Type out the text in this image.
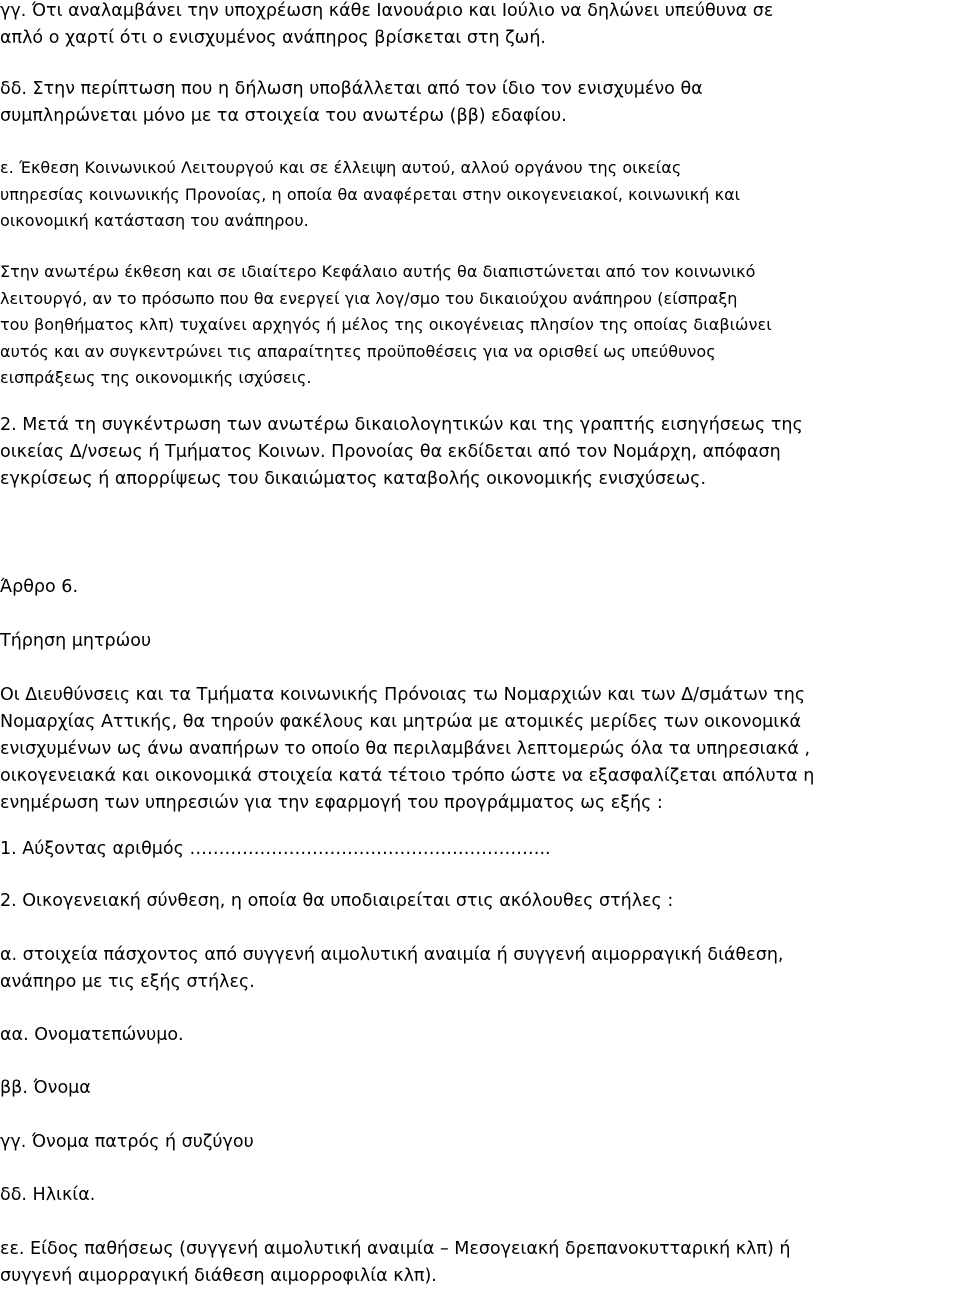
γγ. Ότι αναλαμβάνει την υποχρέωση κάθε Ιανουάριο και Ιούλιο να δηλώνει υπεύθυνα σε
απλό ο χαρτί ότι ο ενισχυμένος ανάπηρος βρίσκεται στη ζωή.

δδ. Στην περίπτωση που η δήλωση υποβάλλεται από τον ίδιο τον ενισχυμένο θα
συμπληρώνεται μόνο με τα στοιχεία του ανωτέρω (ββ) εδαφίου.

ε. Έκθεση Κοινωνικού Λειτουργού και σε έλλειψη αυτού, αλλού οργάνου της οικείας
υπηρεσίας κοινωνικής Προνοίας, η οποία θα αναφέρεται στην οικογενειακοί, κοινωνική και
οικονομική κατάσταση του ανάπηρου.

Στην ανωτέρω έκθεση και σε ιδιαίτερο Κεφάλαιο αυτής θα διαπιστώνεται από τον κοινωνικό
λειτουργό, αν το πρόσωπο που θα ενεργεί για λογ/σμο του δικαιούχου ανάπηρου (είσπραξη
του βοηθήματος κλπ) τυχαίνει αρχηγός ή μέλος της οικογένειας πλησίον της οποίας διαβιώνει
αυτός και αν συγκεντρώνει τις απαραίτητες προϋποθέσεις για να ορισθεί ως υπεύθυνος
εισπράξεως της οικονομικής ισχύσεις.

2. Μετά τη συγκέντρωση των ανωτέρω δικαιολογητικών και της γραπτής εισηγήσεως της
οικείας Δ/νσεως ή Τμήματος Κοινων. Προνοίας θα εκδίδεται από τον Νομάρχη, απόφαση
εγκρίσεως ή απορρίψεως του δικαιώματος καταβολής οικονομικής ενισχύσεως.

Άρθρο 6.

Τήρηση μητρώου

Οι Διευθύνσεις και τα Τμήματα κοινωνικής Πρόνοιας τω Νομαρχιών και των Δ/σμάτων της
Νομαρχίας Αττικής, θα τηρούν φακέλους και μητρώα με ατομικές μερίδες των οικονομικά
ενισχυμένων ως άνω αναπήρων το οποίο θα περιλαμβάνει λεπτομερώς όλα τα υπηρεσιακά ,
οικογενειακά και οικονομικά στοιχεία κατά τέτοιο τρόπο ώστε να εξασφαλίζεται απόλυτα η
ενημέρωση των υπηρεσιών για την εφαρμογή του προγράμματος ως εξής :

1. Αύξοντας αριθμός ……………………………………………………..

2. Οικογενειακή σύνθεση, η οποία θα υποδιαιρείται στις ακόλουθες στήλες :

α. στοιχεία πάσχοντος από συγγενή αιμολυτική αναιμία ή συγγενή αιμορραγική διάθεση,
ανάπηρο με τις εξής στήλες.

αα. Ονοματεπώνυμο.

ββ. Όνομα

γγ. Όνομα πατρός ή συζύγου

δδ. Ηλικία.

εε. Είδος παθήσεως (συγγενή αιμολυτική αναιμία – Μεσογειακή δρεπανοκυτταρική κλπ) ή
συγγενή αιμορραγική διάθεση αιμορροφιλία κλπ).
